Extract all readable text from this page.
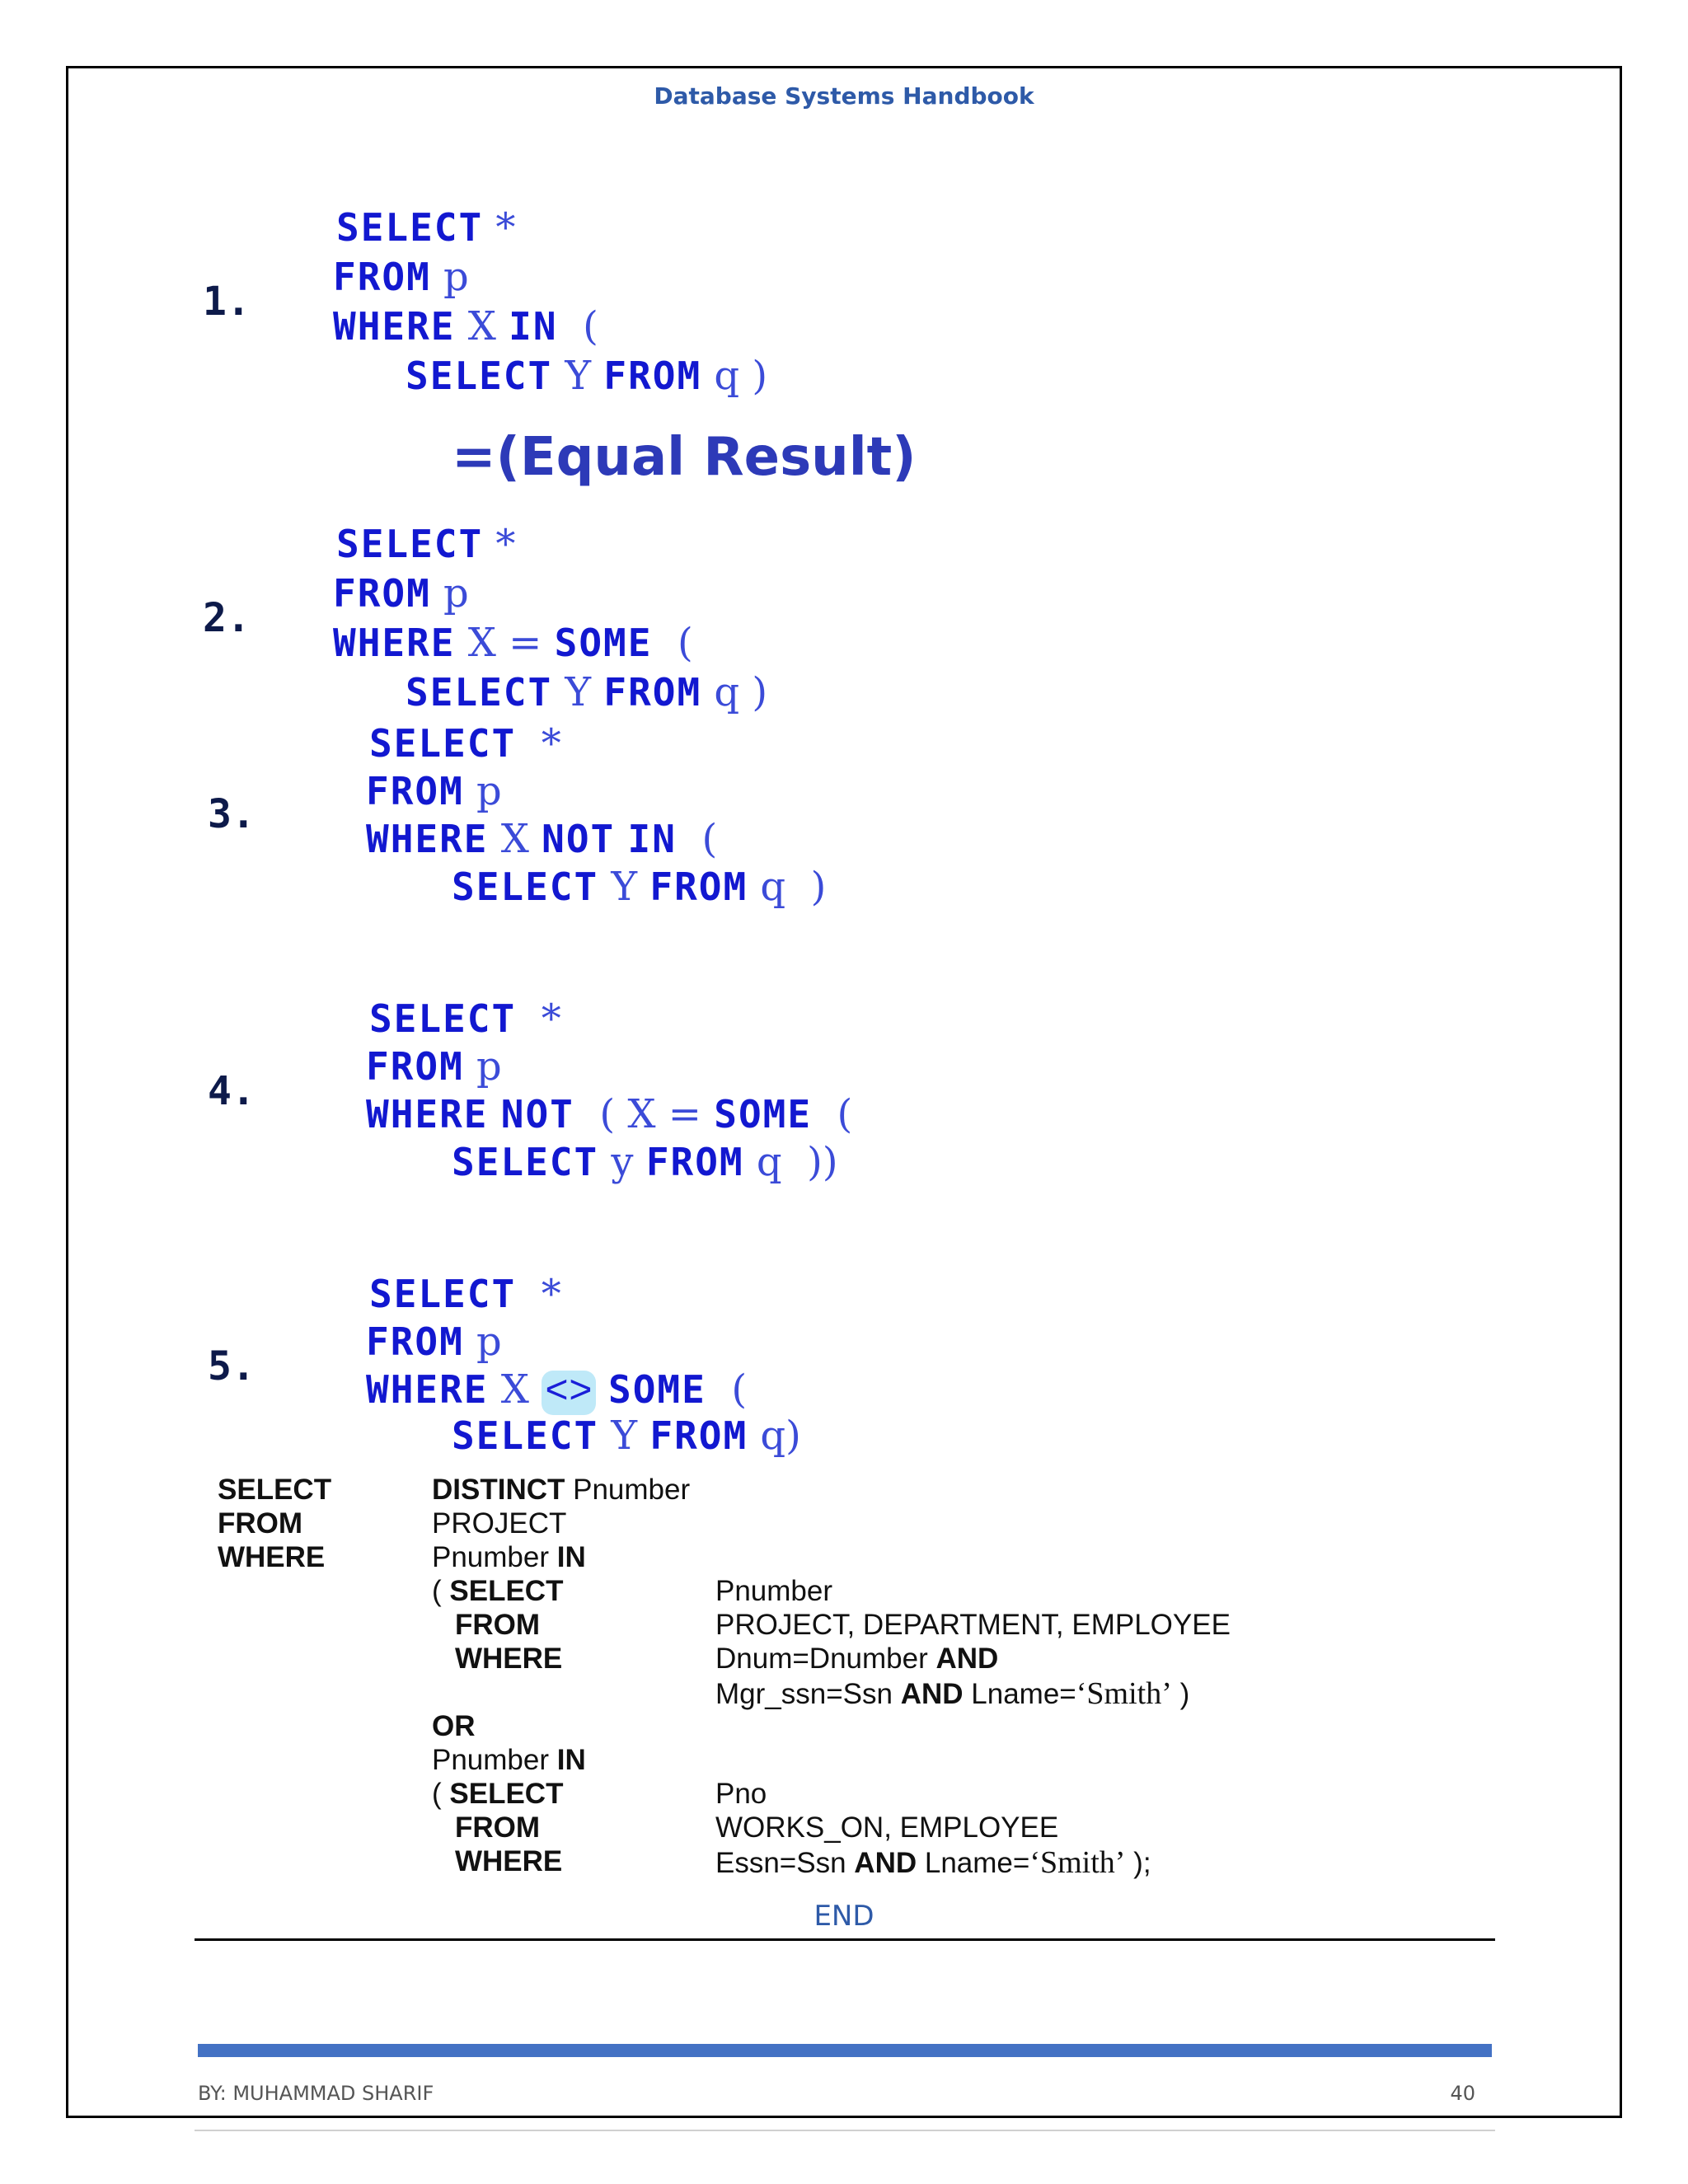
Database Systems Handbook
1.
SELECT *
FROM p
WHERE X IN  (
SELECT Y FROM q )
=(Equal Result)
2.
SELECT *
FROM p
WHERE X = SOME  (
SELECT Y FROM q )
3.
SELECT  *
FROM p
WHERE X NOT IN  (
SELECT Y FROM q  )
4.
SELECT  *
FROM p
WHERE NOT  ( X = SOME  (
SELECT y FROM q  ))
5.
SELECT  *
FROM p
WHERE X <> SOME  (
SELECT Y FROM q)
SELECT	DISTINCT Pnumber
FROM	PROJECT
WHERE	Pnumber IN
( SELECT	Pnumber
FROM	PROJECT, DEPARTMENT, EMPLOYEE
WHERE	Dnum=Dnumber AND
Mgr_ssn=Ssn AND Lname=‘Smith’ )
OR
Pnumber IN
( SELECT	Pno
FROM	WORKS_ON, EMPLOYEE
WHERE	Essn=Ssn AND Lname=‘Smith’ );
END
BY: MUHAMMAD SHARIF	40
